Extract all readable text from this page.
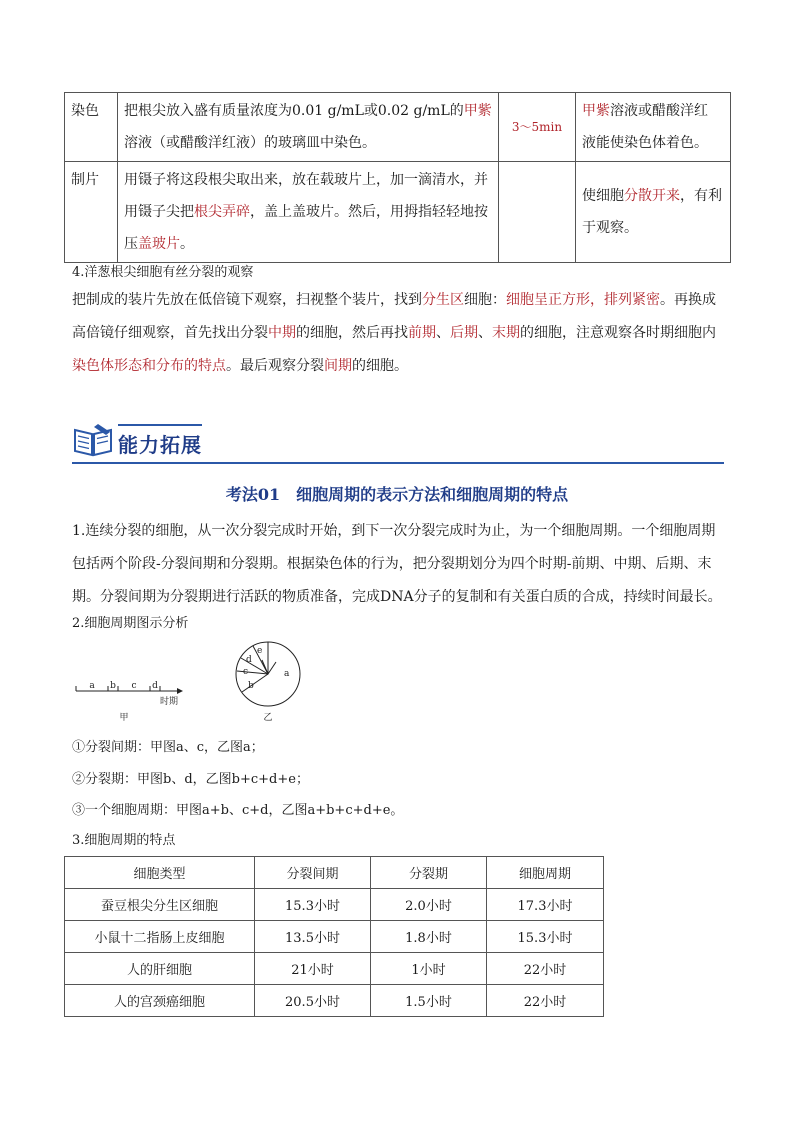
染色	把根尖放入盛有质量浓度为0.01 g/mL或0.02 g/mL的甲紫溶液（或醋酸洋红液）的玻璃皿中染色。	3～5min	甲紫溶液或醋酸洋红 液能使染色体着色。
制片	用镊子将这段根尖取出来，放在载玻片上，加一滴清水，并用镊子尖把根尖弄碎，盖上盖玻片。然后，用拇指轻轻地按压盖玻片。		使细胞分散开来，有利于观察。

4.洋葱根尖细胞有丝分裂的观察

把制成的装片先放在低倍镜下观察，扫视整个装片，找到分生区细胞：细胞呈正方形，排列紧密。再换成高倍镜仔细观察，首先找出分裂中期的细胞，然后再找前期、后期、末期的细胞，注意观察各时期细胞内染色体形态和分布的特点。最后观察分裂间期的细胞。

能力拓展
考法01　细胞周期的表示方法和细胞周期的特点

1.连续分裂的细胞，从一次分裂完成时开始，到下一次分裂完成时为止，为一个细胞周期。一个细胞周期包括两个阶段-分裂间期和分裂期。根据染色体的行为，把分裂期划分为四个时期-前期、中期、后期、末期。分裂间期为分裂期进行活跃的物质准备，完成DNA分子的复制和有关蛋白质的合成，持续时间最长。

2.细胞周期图示分析

a b c d
时期
甲
a
b
c
d
e
乙

①分裂间期：甲图a、c，乙图a；

②分裂期：甲图b、d，乙图b+c+d+e；

③一个细胞周期：甲图a+b、c+d，乙图a+b+c+d+e。

3.细胞周期的特点

细胞类型	分裂间期	分裂期	细胞周期
蚕豆根尖分生区细胞	15.3小时	2.0小时	17.3小时
小鼠十二指肠上皮细胞	13.5小时	1.8小时	15.3小时
人的肝细胞	21小时	1小时	22小时
人的宫颈癌细胞	20.5小时	1.5小时	22小时
